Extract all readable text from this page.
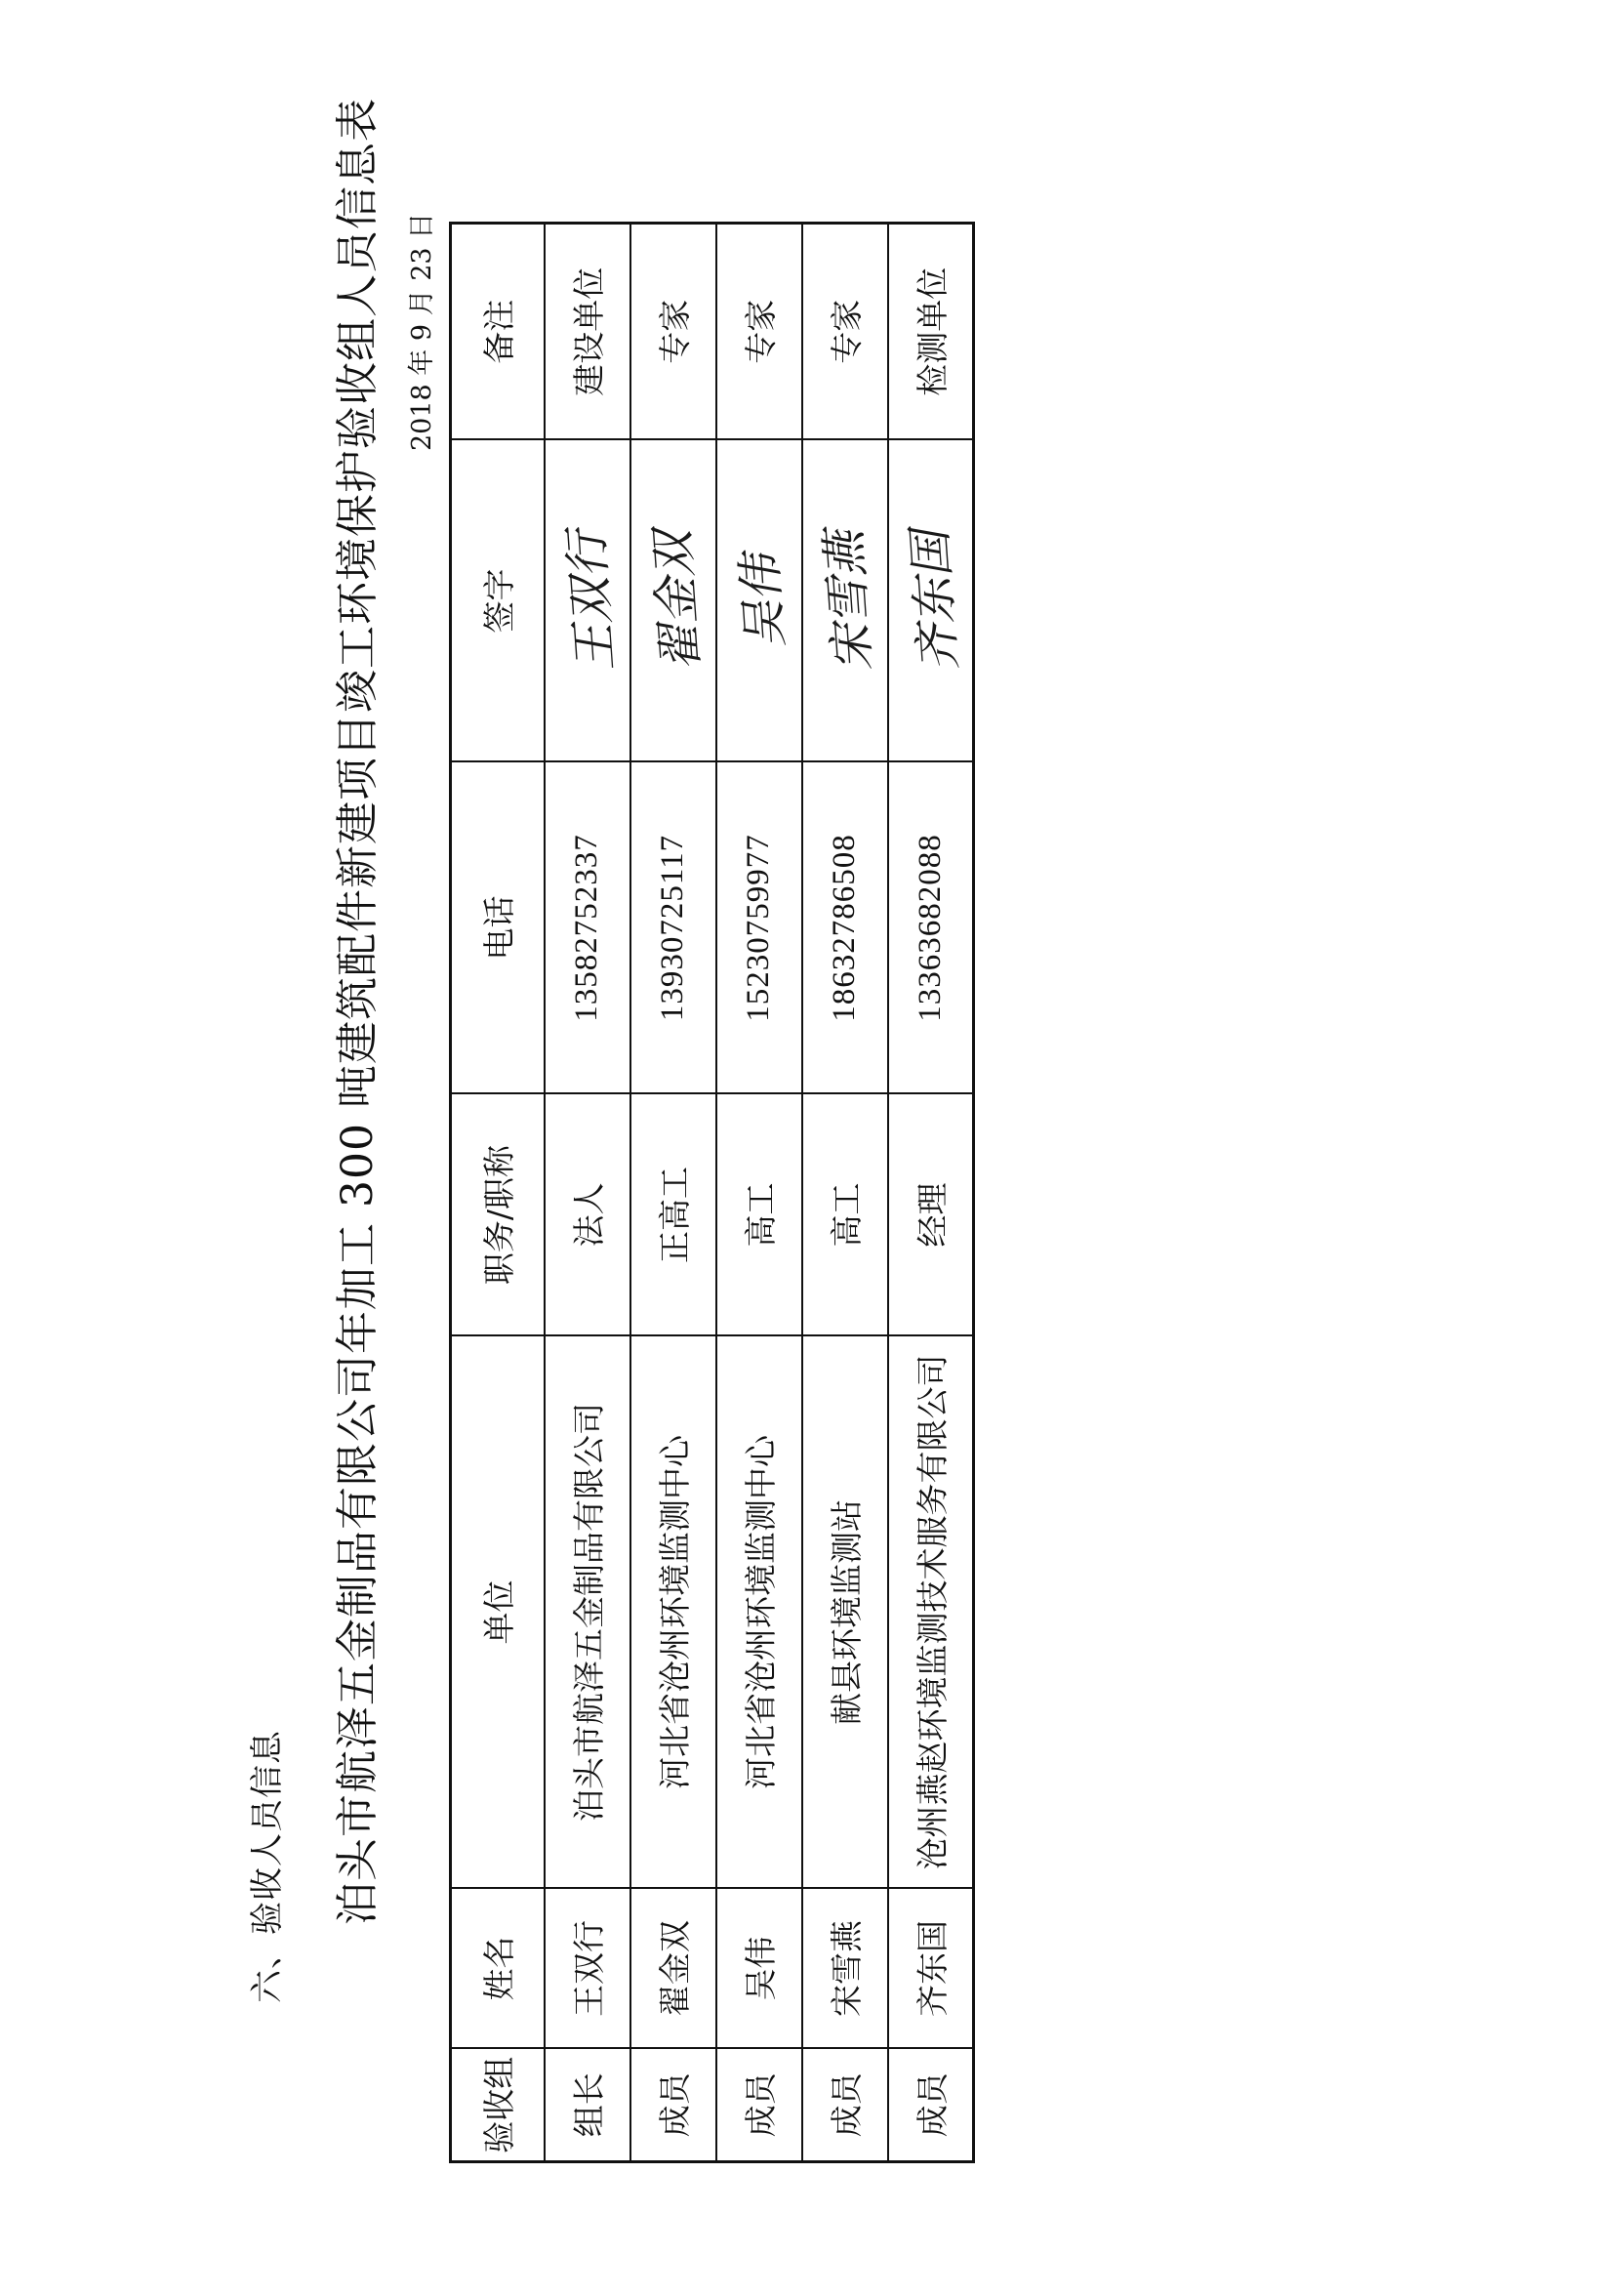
六、验收人员信息 泊头市航泽五金制品有限公司年加工 300 吨建筑配件新建项目竣工环境保护验收组人员信息表 2018 年 9 月 23 日
验收组	姓名	单位	职务/职称	电话	签字	备注
组长	王双行	泊头市航泽五金制品有限公司	法人	13582752337	王双行	建设单位
成员	翟金双	河北省沧州环境监测中心	正高工	13930725117	翟金双	专家
成员	吴伟	河北省沧州环境监测中心	高工	15230759977	吴伟	专家
成员	宋雪燕	献县环境监测站	高工	18632786508	宋雪燕	专家
成员	齐东国	沧州燕赵环境监测技术服务有限公司	经理	13363682088	齐东国	检测单位
